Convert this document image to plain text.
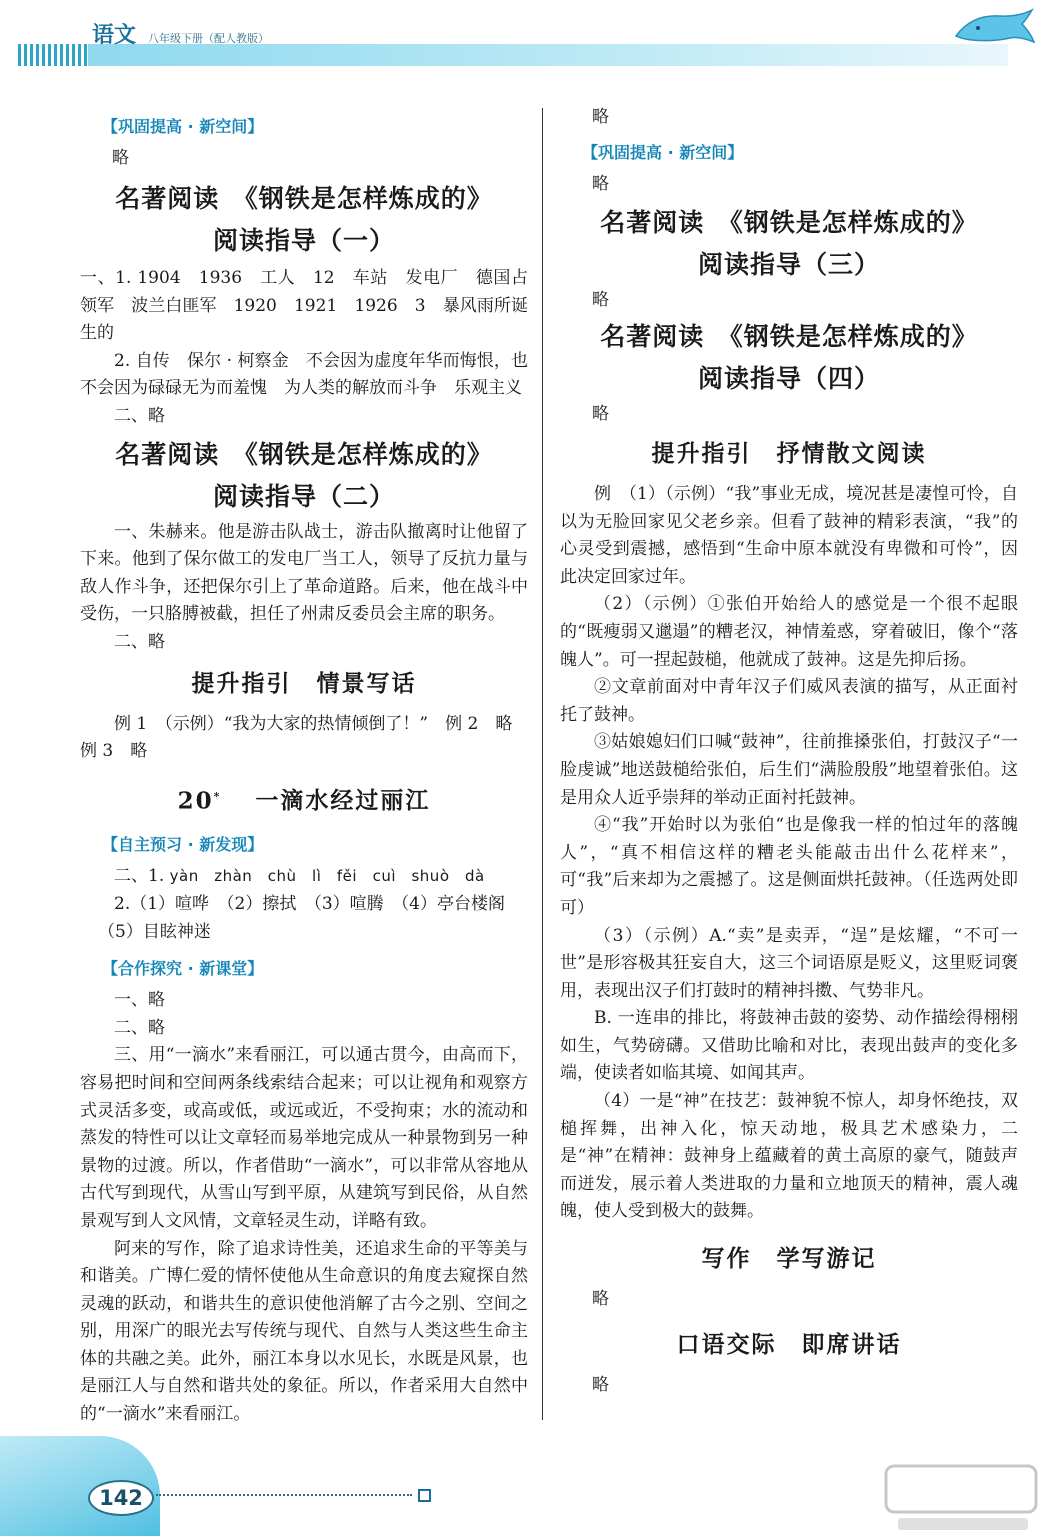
语文 八年级下册（配人教版）
【巩固提高 · 新空间】

略

名著阅读　《钢铁是怎样炼成的》
阅读指导（一）

一、1. 1904　1936　工人　12　车站　发电厂　德国占领军　波兰白匪军　1920　1921　1926　3　暴风雨所诞生的

2. 自传　保尔 · 柯察金　不会因为虚度年华而悔恨，也不会因为碌碌无为而羞愧　为人类的解放而斗争　乐观主义

二、略

名著阅读　《钢铁是怎样炼成的》
阅读指导（二）

一、朱赫来。他是游击队战士，游击队撤离时让他留了下来。他到了保尔做工的发电厂当工人，领导了反抗力量与敌人作斗争，还把保尔引上了革命道路。后来，他在战斗中受伤，一只胳膊被截，担任了州肃反委员会主席的职务。

二、略

提升指引　情景写话

例 1　（示例）“我为大家的热情倾倒了！”　例 2　略

例 3　略

20* 一滴水经过丽江
【自主预习 · 新发现】

二、1. yàn　zhàn　chù　lì　fěi　cuì　shuò　dà

2.（1）喧哗　（2）擦拭　（3）喧腾　（4）亭台楼阁

（5）目眩神迷

【合作探究 · 新课堂】

一、略

二、略

三、用“一滴水”来看丽江，可以通古贯今，由高而下，容易把时间和空间两条线索结合起来；可以让视角和观察方式灵活多变，或高或低，或远或近，不受拘束；水的流动和蒸发的特性可以让文章轻而易举地完成从一种景物到另一种景物的过渡。所以，作者借助“一滴水”，可以非常从容地从古代写到现代，从雪山写到平原，从建筑写到民俗，从自然景观写到人文风情，文章轻灵生动，详略有致。

阿来的写作，除了追求诗性美，还追求生命的平等美与和谐美。广博仁爱的情怀使他从生命意识的角度去窥探自然灵魂的跃动，和谐共生的意识使他消解了古今之别、空间之别，用深广的眼光去写传统与现代、自然与人类这些生命主体的共融之美。此外，丽江本身以水见长，水既是风景，也是丽江人与自然和谐共处的象征。所以，作者采用大自然中的“一滴水”来看丽江。

略

【巩固提高 · 新空间】

略

名著阅读　《钢铁是怎样炼成的》
阅读指导（三）

略

名著阅读　《钢铁是怎样炼成的》
阅读指导（四）

略

提升指引　抒情散文阅读

例　（1）（示例）“我”事业无成，境况甚是凄惶可怜，自以为无脸回家见父老乡亲。但看了鼓神的精彩表演，“我”的心灵受到震撼，感悟到“生命中原本就没有卑微和可怜”，因此决定回家过年。

（2）（示例）①张伯开始给人的感觉是一个很不起眼的“既瘦弱又邋遢”的糟老汉，神情羞惑，穿着破旧，像个“落魄人”。可一捏起鼓槌，他就成了鼓神。这是先抑后扬。

②文章前面对中青年汉子们威风表演的描写，从正面衬托了鼓神。

③姑娘媳妇们口喊“鼓神”，往前推搡张伯，打鼓汉子“一脸虔诚”地送鼓槌给张伯，后生们“满脸殷殷”地望着张伯。这是用众人近乎崇拜的举动正面衬托鼓神。

④“我”开始时以为张伯“也是像我一样的怕过年的落魄人”，“真不相信这样的糟老头能敲击出什么花样来”，可“我”后来却为之震撼了。这是侧面烘托鼓神。（任选两处即可）

（3）（示例）A.“卖”是卖弄，“逞”是炫耀，“不可一世”是形容极其狂妄自大，这三个词语原是贬义，这里贬词褒用，表现出汉子们打鼓时的精神抖擞、气势非凡。

B. 一连串的排比，将鼓神击鼓的姿势、动作描绘得栩栩如生，气势磅礴。又借助比喻和对比，表现出鼓声的变化多端，使读者如临其境、如闻其声。

（4）一是“神”在技艺：鼓神貌不惊人，却身怀绝技，双槌挥舞，出神入化，惊天动地，极具艺术感染力，二是“神”在精神：鼓神身上蕴藏着的黄土高原的豪气，随鼓声而迸发，展示着人类进取的力量和立地顶天的精神，震人魂魄，使人受到极大的鼓舞。

写作　学写游记

略

口语交际　即席讲话

略

142
